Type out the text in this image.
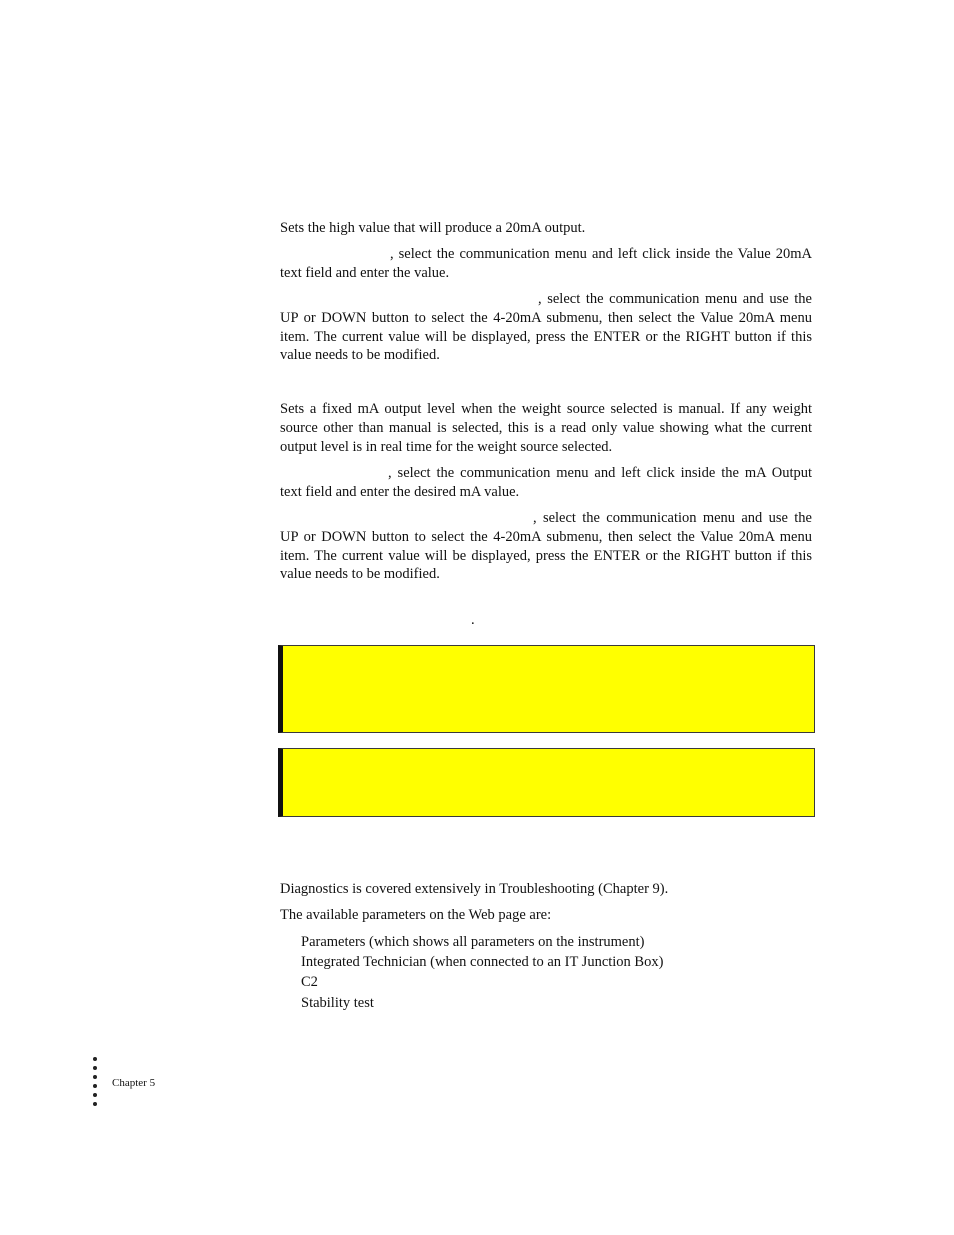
Sets the high value that will produce a 20mA output.

, select the communication menu and left click inside the Value 20mA text field and enter the value.

, select the communication menu and use the UP or DOWN button to select the 4-20mA submenu, then select the Value 20mA menu item. The current value will be displayed, press the ENTER or the RIGHT button if this value needs to be modified.

Sets a fixed mA output level when the weight source selected is manual. If any weight source other than manual is selected, this is a read only value showing what the current output level is in real time for the weight source selected.

, select the communication menu and left click inside the mA Output text field and enter the desired mA value.

, select the communication menu and use the UP or DOWN button to select the 4-20mA submenu, then select the Value 20mA menu item. The current value will be displayed, press the ENTER or the RIGHT button if this value needs to be modified.

.

Diagnostics is covered extensively in Troubleshooting (Chapter 9).

The available parameters on the Web page are:

Parameters (which shows all parameters on the instrument)
Integrated Technician (when connected to an IT Junction Box)
C2
Stability test
Chapter 5
